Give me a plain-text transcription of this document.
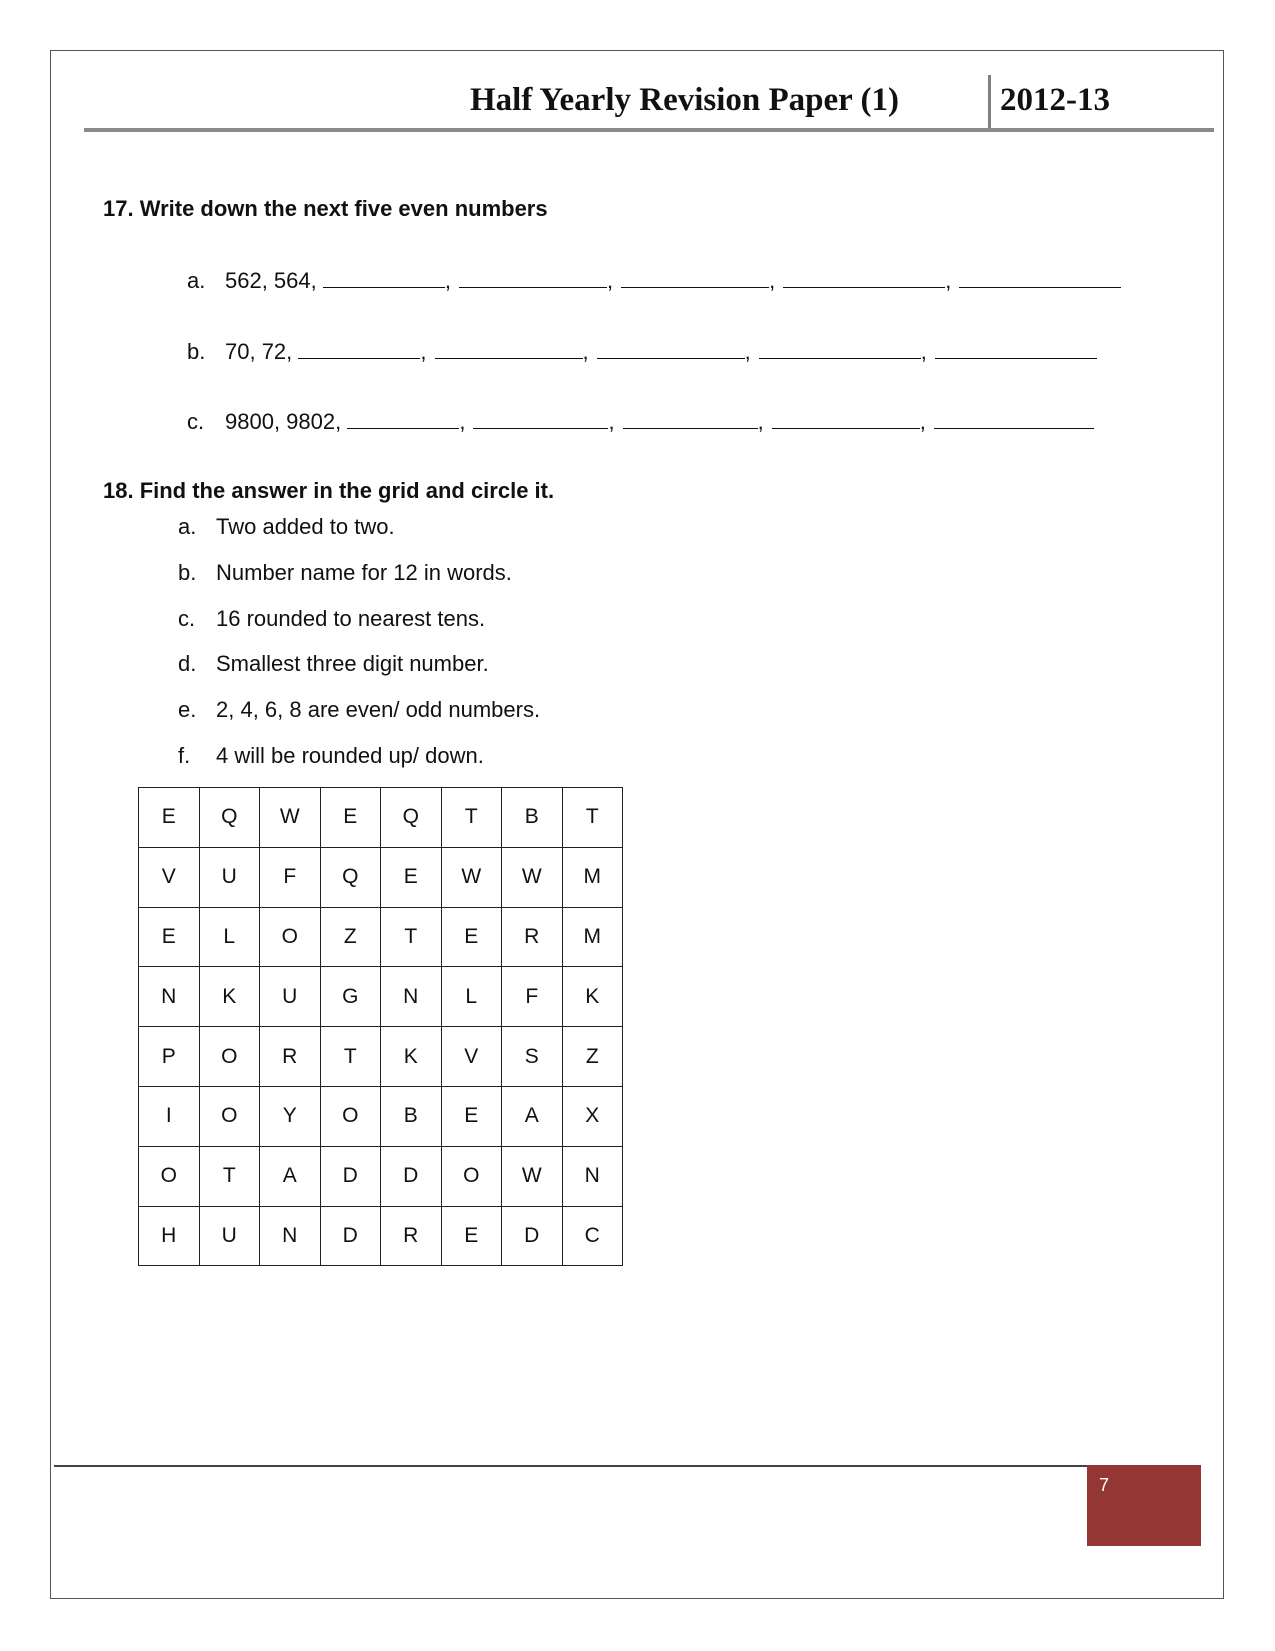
Half Yearly Revision Paper (1)	2012-13
17. Write down the next five even numbers
a. 562, 564,	,	,	,	,
b. 70, 72,	,	,	,	,
c. 9800, 9802,	,	,	,	,
18. Find the answer in the grid and circle it.
a. Two added to two.
b. Number name for 12 in words.
c. 16 rounded to nearest tens.
d. Smallest three digit number.
e. 2, 4, 6, 8 are even/ odd numbers.
f. 4 will be rounded up/ down.
E	Q	W	E	Q	T	B	T
V	U	F	Q	E	W	W	M
E	L	O	Z	T	E	R	M
N	K	U	G	N	L	F	K
P	O	R	T	K	V	S	Z
I	O	Y	O	B	E	A	X
O	T	A	D	D	O	W	N
H	U	N	D	R	E	D	C
7
